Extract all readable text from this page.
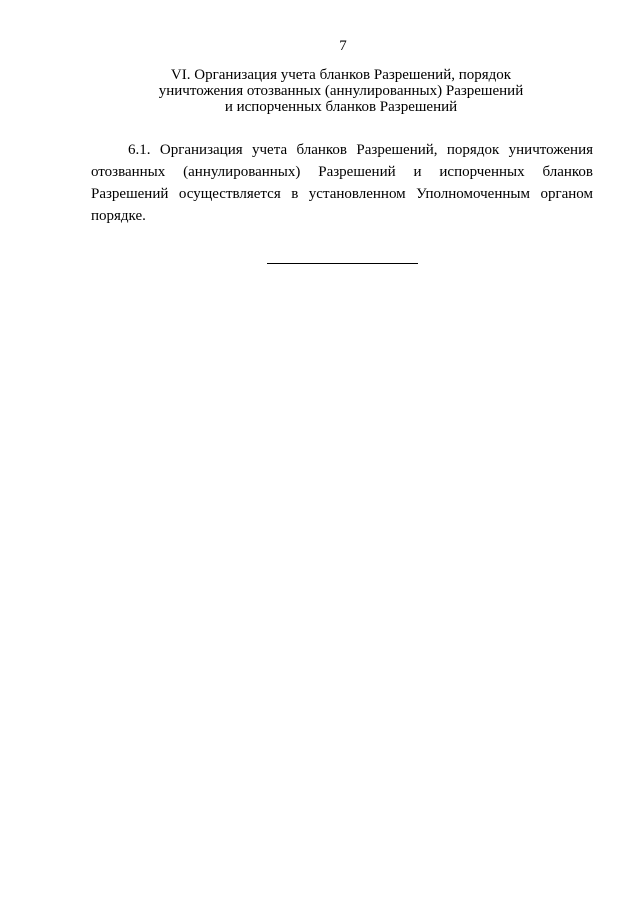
7
VI. Организация учета бланков Разрешений, порядок
уничтожения отозванных (аннулированных) Разрешений
и испорченных бланков Разрешений
6.1. Организация учета бланков Разрешений, порядок уничтожения
отозванных (аннулированных) Разрешений и испорченных бланков
Разрешений осуществляется в установленном Уполномоченным органом
порядке.
